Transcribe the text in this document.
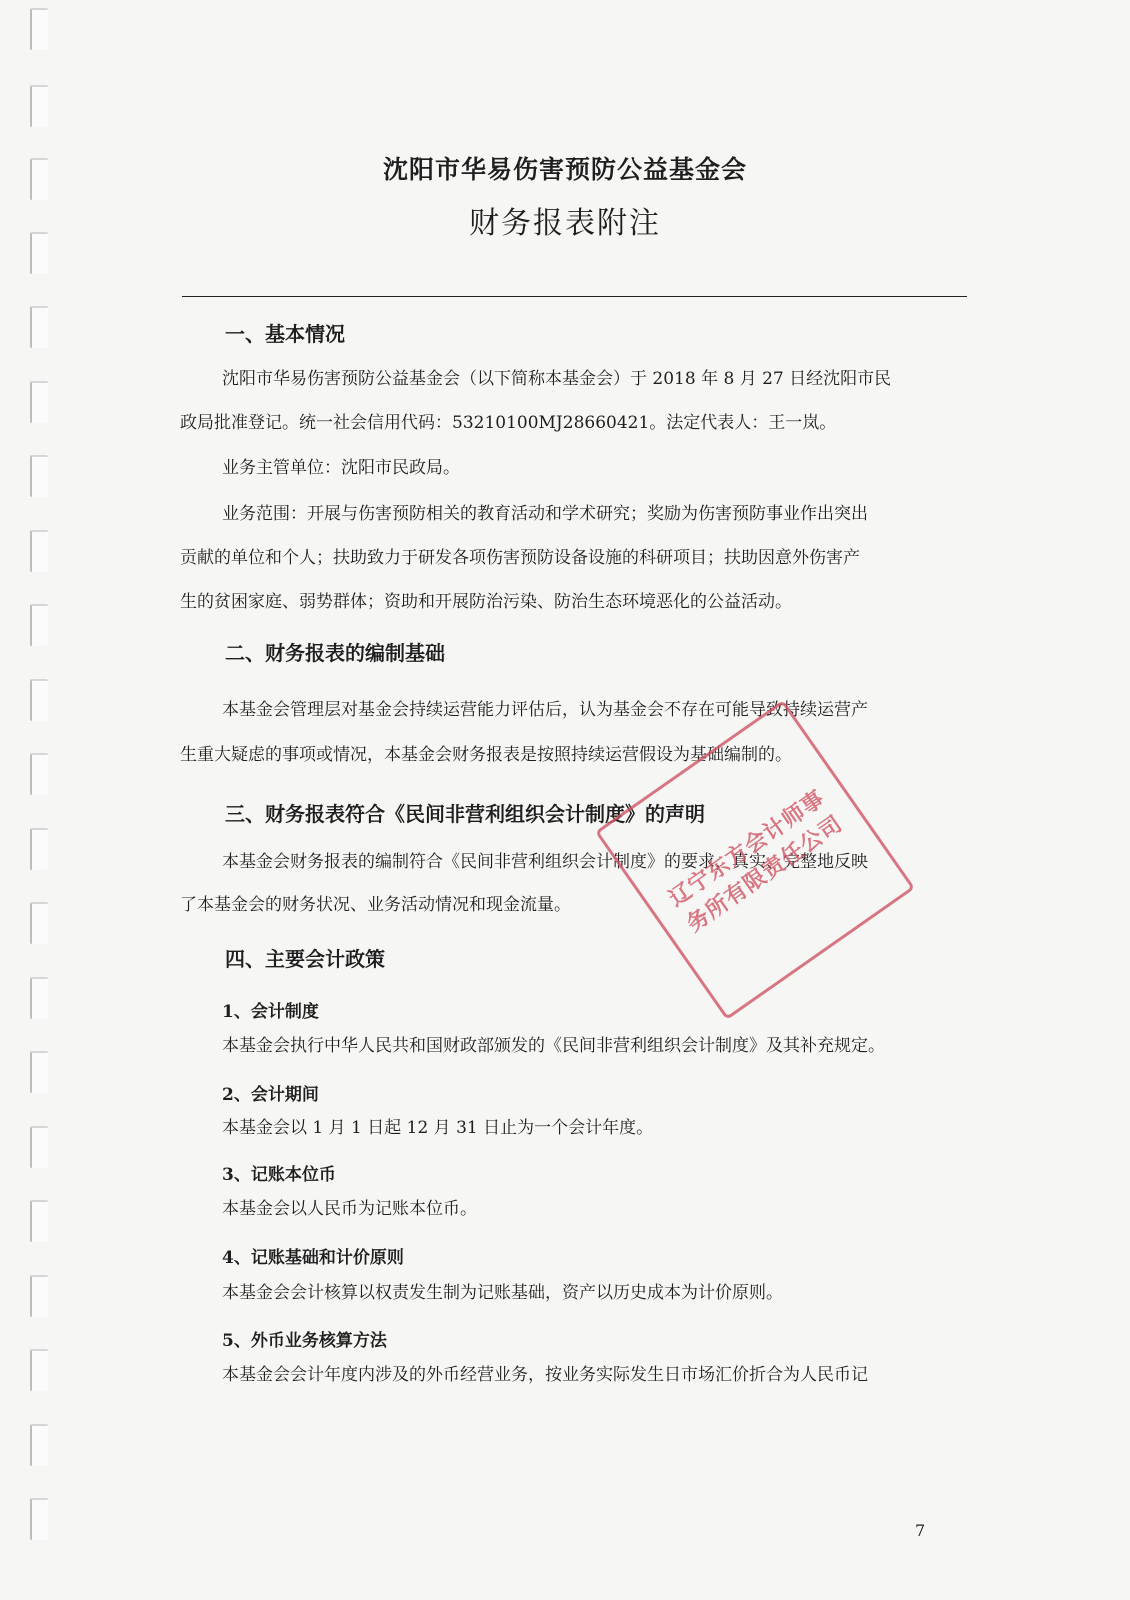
沈阳市华易伤害预防公益基金会
财务报表附注
一、基本情况
沈阳市华易伤害预防公益基金会（以下简称本基金会）于 2018 年 8 月 27 日经沈阳市民
政局批准登记。统一社会信用代码：53210100MJ28660421。法定代表人：王一岚。
业务主管单位：沈阳市民政局。
业务范围：开展与伤害预防相关的教育活动和学术研究；奖励为伤害预防事业作出突出
贡献的单位和个人；扶助致力于研发各项伤害预防设备设施的科研项目；扶助因意外伤害产
生的贫困家庭、弱势群体；资助和开展防治污染、防治生态环境恶化的公益活动。
二、财务报表的编制基础
本基金会管理层对基金会持续运营能力评估后，认为基金会不存在可能导致持续运营产
生重大疑虑的事项或情况，本基金会财务报表是按照持续运营假设为基础编制的。
三、财务报表符合《民间非营利组织会计制度》的声明
本基金会财务报表的编制符合《民间非营利组织会计制度》的要求，真实、完整地反映
了本基金会的财务状况、业务活动情况和现金流量。
四、主要会计政策
1、会计制度
本基金会执行中华人民共和国财政部颁发的《民间非营利组织会计制度》及其补充规定。
2、会计期间
本基金会以 1 月 1 日起 12 月 31 日止为一个会计年度。
3、记账本位币
本基金会以人民币为记账本位币。
4、记账基础和计价原则
本基金会会计核算以权责发生制为记账基础，资产以历史成本为计价原则。
5、外币业务核算方法
本基金会会计年度内涉及的外币经营业务，按业务实际发生日市场汇价折合为人民币记
辽宁东方会计师事务所有限责任公司
7
